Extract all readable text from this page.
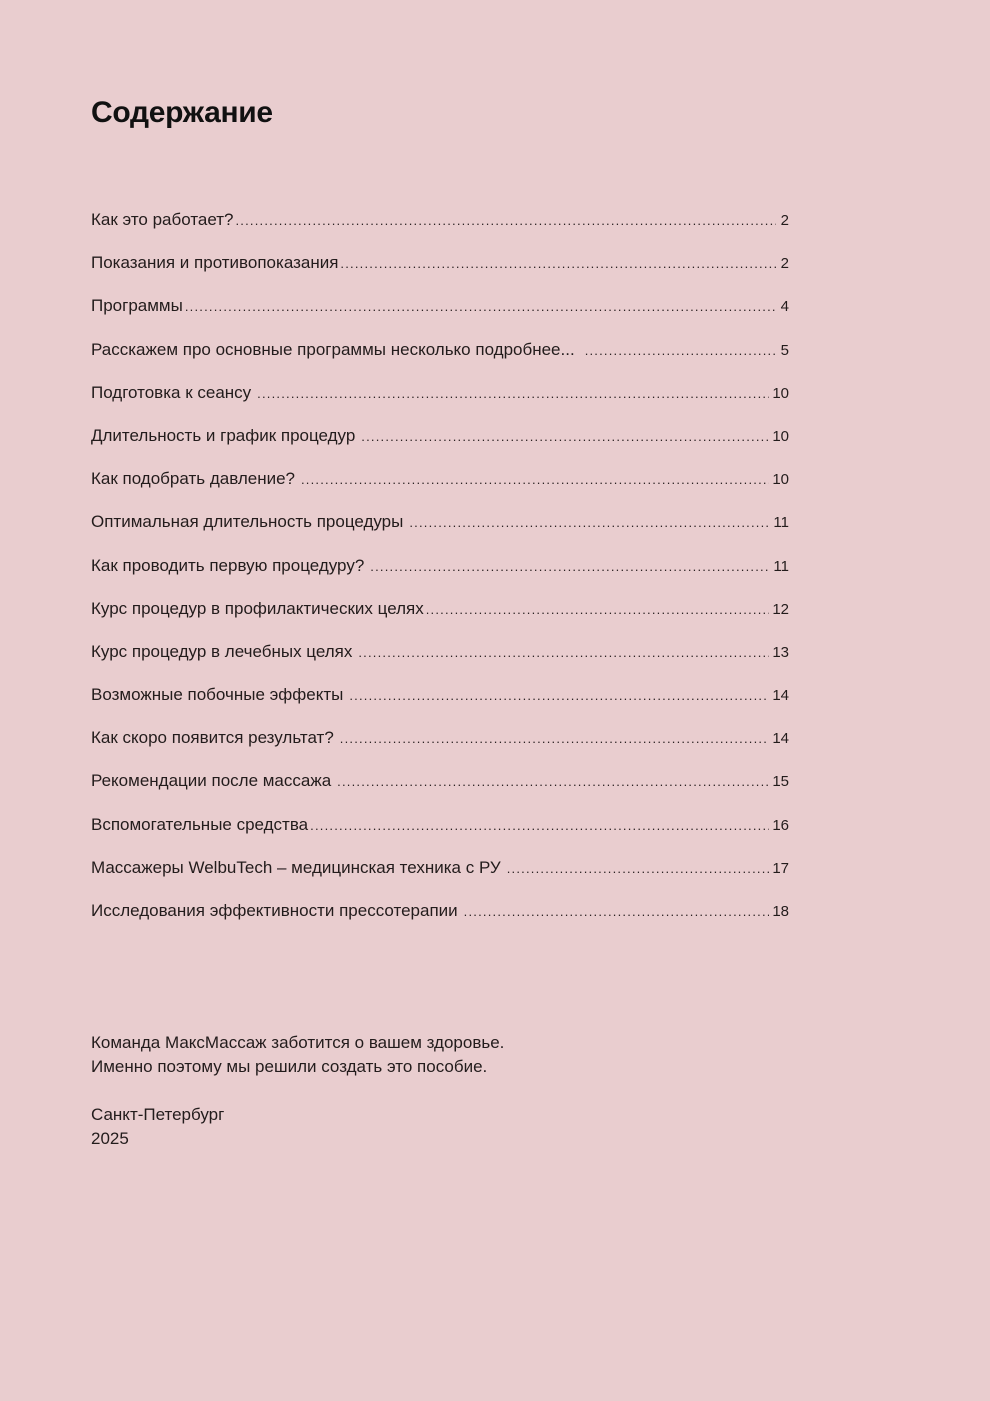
Содержание
Как это работает? .....	2
Показания и противопоказания .....	2
Программы .....	4
Расскажем про основные программы несколько подробнее... .....	5
Подготовка к сеансу .....	10
Длительность и график процедур .....	10
Как подобрать давление? .....	10
Оптимальная длительность процедуры .....	11
Как проводить первую процедуру? .....	11
Курс процедур в профилактических целях .....	12
Курс процедур в лечебных целях .....	13
Возможные побочные эффекты .....	14
Как скоро появится результат? .....	14
Рекомендации после массажа .....	15
Вспомогательные средства .....	16
Массажеры WelbuTech – медицинская техника с РУ .....	17
Исследования эффективности прессотерапии .....	18

Команда МаксМассаж заботится о вашем здоровье.

Именно поэтому мы решили создать это пособие.

Санкт-Петербург

2025
